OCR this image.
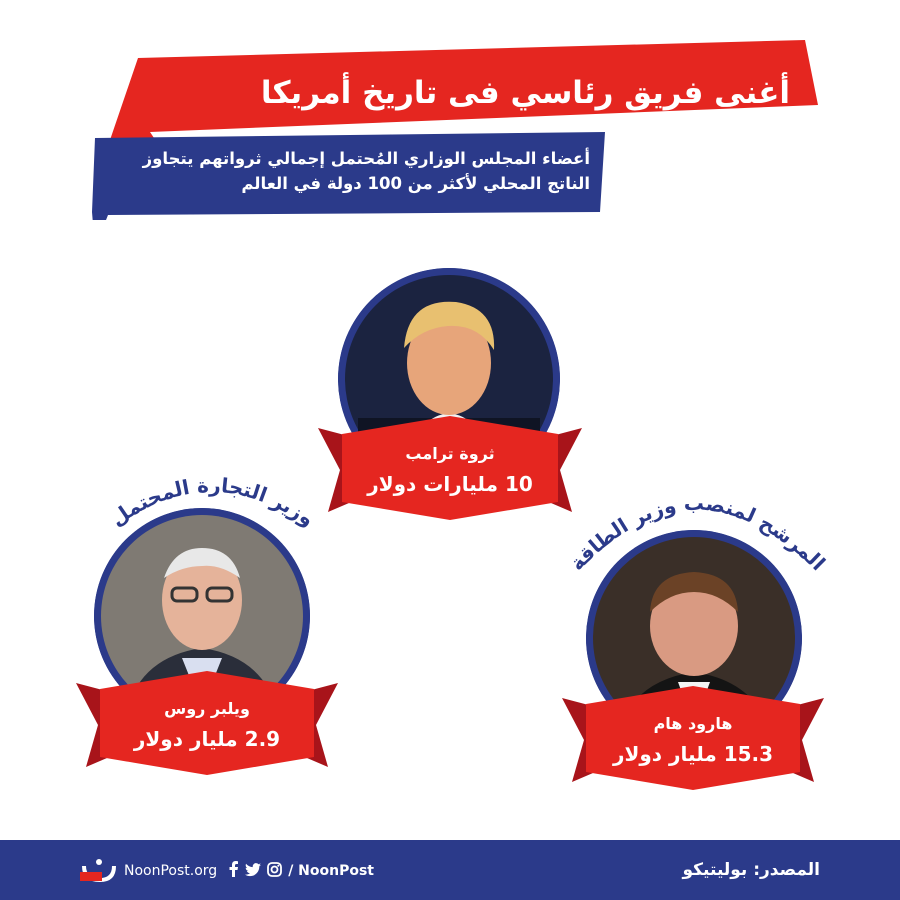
أغنى فريق رئاسي فى تاريخ أمريكا
أعضاء المجلس الوزاري المُحتمل إجمالي ثرواتهم يتجاوز
الناتج المحلي لأكثر من 100 دولة في العالم
ثروة ترامب
10 مليارات دولار
وزير التجارة المحتمل
ويلبر روس
2.9 مليار دولار
المرشح لمنصب وزير الطاقة
هارود هام
15.3 مليار دولار
المصدر: بوليتيكو
NoonPost.org	/ NoonPost
